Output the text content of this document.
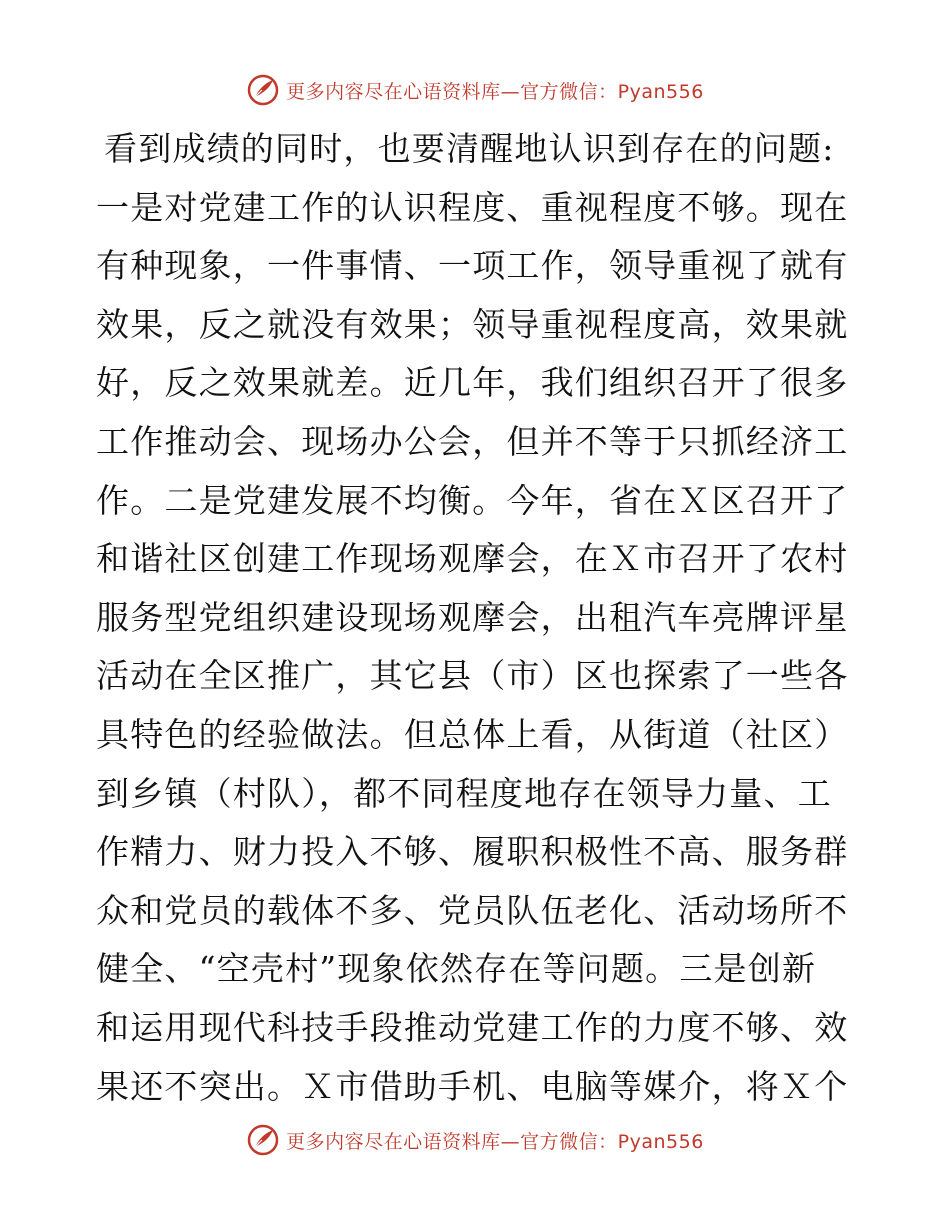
更多内容尽在心语资料库—官方微信：Pyan556
看到成绩的同时，也要清醒地认识到存在的问题:
一是对党建工作的认识程度、重视程度不够。现在
有种现象，一件事情、一项工作，领导重视了就有
效果，反之就没有效果；领导重视程度高，效果就
好，反之效果就差。近几年，我们组织召开了很多
工作推动会、现场办公会，但并不等于只抓经济工
作。二是党建发展不均衡。今年，省在Ｘ区召开了
和谐社区创建工作现场观摩会，在Ｘ市召开了农村
服务型党组织建设现场观摩会，出租汽车亮牌评星
活动在全区推广，其它县（市）区也探索了一些各
具特色的经验做法。但总体上看，从街道（社区）
到乡镇（村队），都不同程度地存在领导力量、工
作精力、财力投入不够、履职积极性不高、服务群
众和党员的载体不多、党员队伍老化、活动场所不
健全、“空壳村”现象依然存在等问题。三是创新
和运用现代科技手段推动党建工作的力度不够、效
果还不突出。Ｘ市借助手机、电脑等媒介，将Ｘ个
更多内容尽在心语资料库—官方微信：Pyan556
